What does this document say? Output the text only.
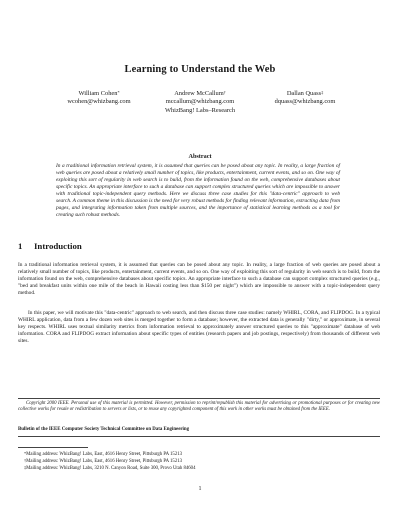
Learning to Understand the Web
William Cohen*
wcohen@whizbang.com
Andrew McCallum†
mccallum@whizbang.com
Dallan Quass‡
dquass@whizbang.com
WhizBang! Labs–Research
Abstract
In a traditional information retrieval system, it is assumed that queries can be posed about any topic. In reality, a large fraction of web queries are posed about a relatively small number of topics, like products, entertainment, current events, and so on. One way of exploiting this sort of regularity in web search is to build, from the information found on the web, comprehensive databases about specific topics. An appropriate interface to such a database can support complex structured queries which are impossible to answer with traditional topic-independent query methods. Here we discuss three case studies for this "data-centric" approach to web search. A common theme in this discussion is the need for very robust methods for finding relevant information, extracting data from pages, and integrating information taken from multiple sources, and the importance of statistical learning methods as a tool for creating such robust methods.
1 Introduction
In a traditional information retrieval system, it is assumed that queries can be posed about any topic. In reality, a large fraction of web queries are posed about a relatively small number of topics, like products, entertainment, current events, and so on. One way of exploiting this sort of regularity in web search is to build, from the information found on the web, comprehensive databases about specific topics. An appropriate interface to such a database can support complex structured queries (e.g., "bed and breakfast units within one mile of the beach in Hawaii costing less than $150 per night") which are impossible to answer with a topic-independent query method.
In this paper, we will motivate this "data-centric" approach to web search, and then discuss three case studies: namely WHIRL, CORA, and FLIPDOG. In a typical WHIRL application, data from a few dozen web sites is merged together to form a database; however, the extracted data is generally "dirty," or approximate, in several key respects. WHIRL uses textual similarity metrics from information retrieval to approximately answer structured queries to this "approximate" database of web information. CORA and FLIPDOG extract information about specific types of entities (research papers and job postings, respectively) from thousands of different web sites.
Copyright 2000 IEEE. Personal use of this material is permitted. However, permission to reprint/republish this material for advertising or promotional purposes or for creating new collective works for resale or redistribution to servers or lists, or to reuse any copyrighted component of this work in other works must be obtained from the IEEE.
Bulletin of the IEEE Computer Society Technical Committee on Data Engineering
*Mailing address: WhizBang! Labs, East, 4616 Henry Street, Pittsburgh PA 15213
†Mailing address: WhizBang! Labs, East, 4616 Henry Street, Pittsburgh PA 15213
‡Mailing address: WhizBang! Labs, 3210 N. Canyon Road, Suite 300, Provo Utah 84604
1
